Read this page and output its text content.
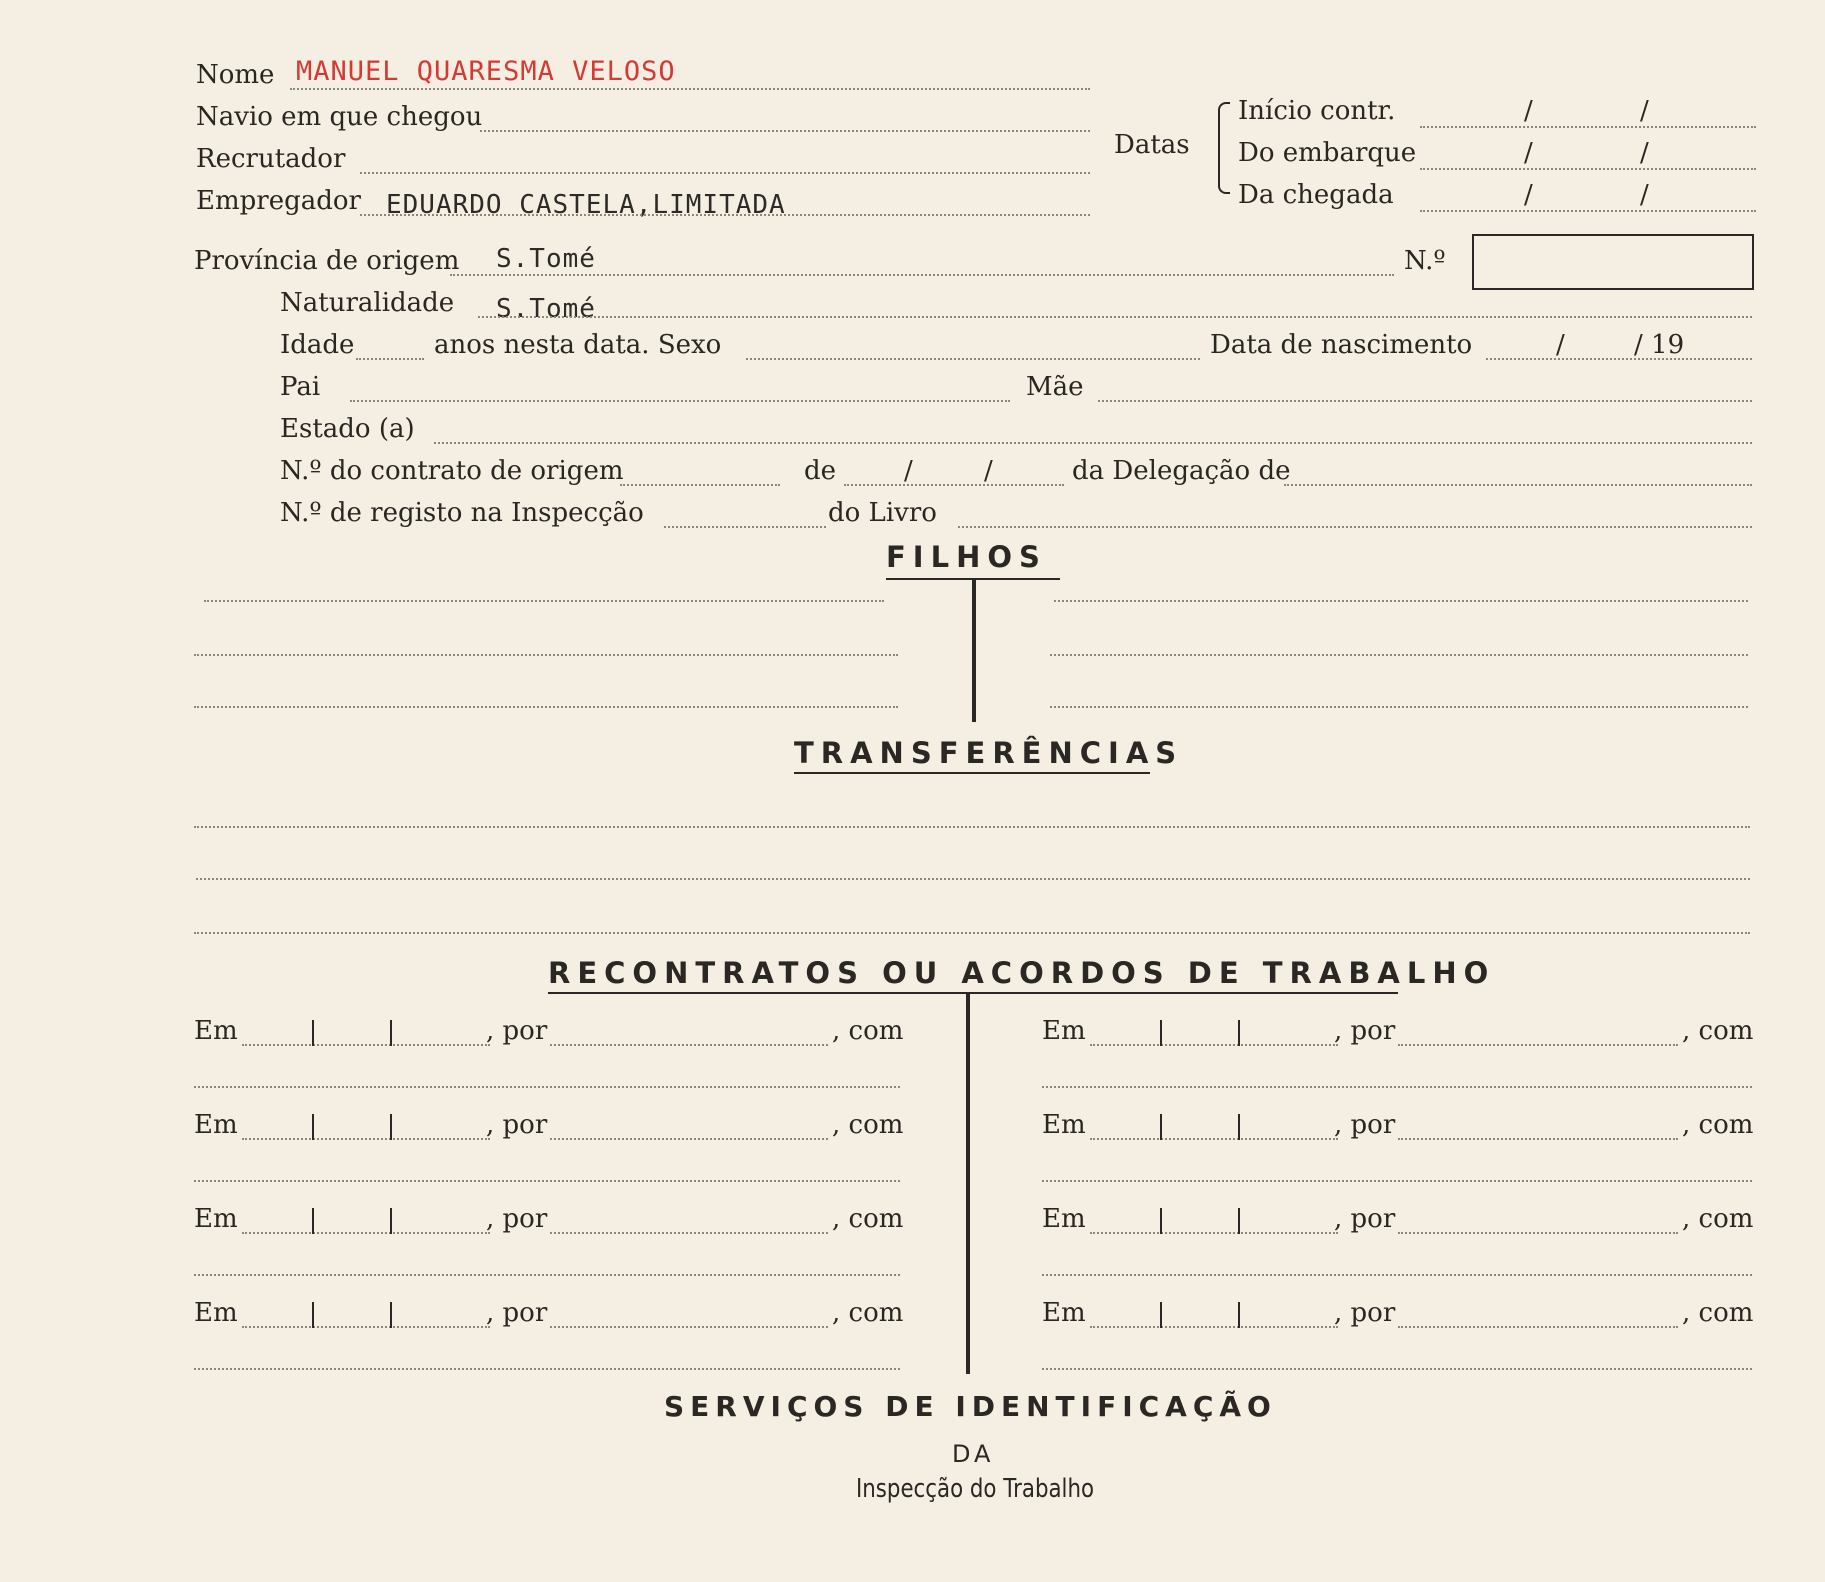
Nome MANUEL QUARESMA VELOSO
Navio em que chegou
Recrutador
Empregador EDUARDO CASTELA,LIMITADA
Datas
Início contr.	/	/
Do embarque	/	/
Da chegada	/	/
Província de origem S.Tomé	N.º
Naturalidade S.Tomé
Idade	anos nesta data. Sexo	Data de nascimento	/	/ 19
Pai	Mãe
Estado (a)
N.º do contrato de origem	de	/	/	da Delegação de
N.º de registo na Inspecção	do Livro
FILHOS
TRANSFERÊNCIAS
RECONTRATOS OU ACORDOS DE TRABALHO
Em	, por	, com	Em	, por	, com
Em	, por	, com	Em	, por	, com
Em	, por	, com	Em	, por	, com
Em	, por	, com	Em	, por	, com
SERVIÇOS DE IDENTIFICAÇÃO
DA
Inspecção do Trabalho
